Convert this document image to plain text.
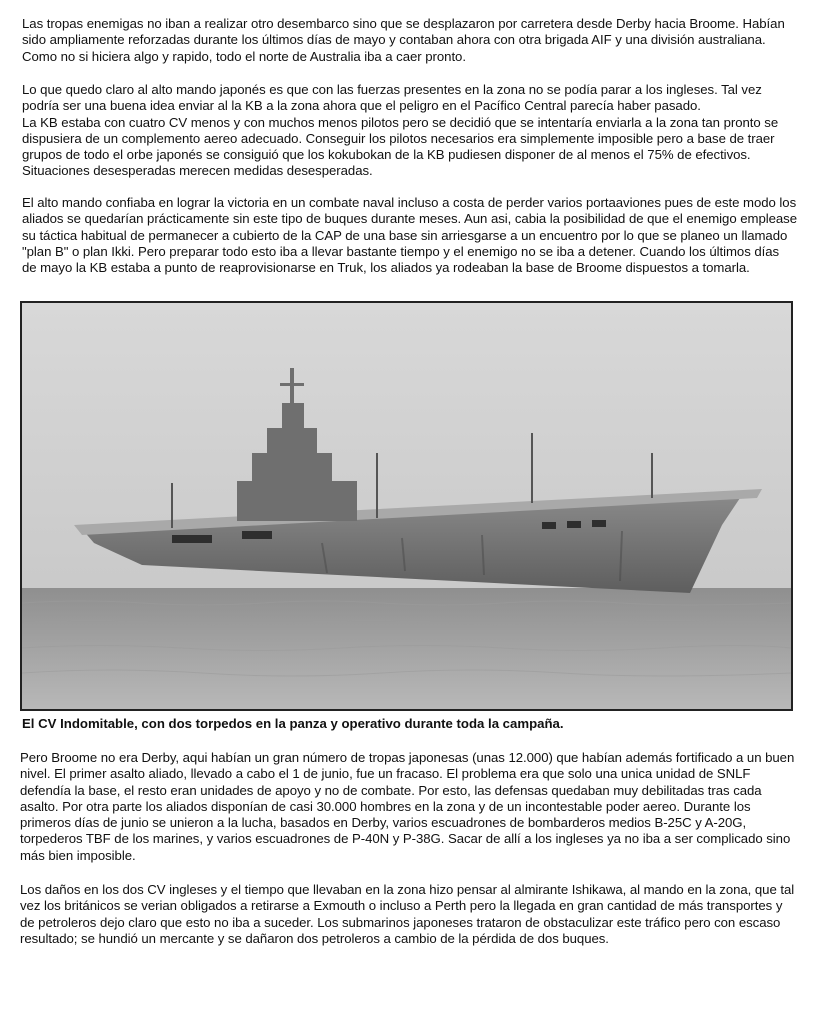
Las tropas enemigas no iban a realizar otro desembarco sino que se desplazaron por carretera desde Derby hacia Broome. Habían sido ampliamente reforzadas durante los últimos días de mayo y contaban ahora con otra brigada AIF y una división australiana. Como no si hiciera algo y rapido, todo el norte de Australia iba a caer pronto.

Lo que quedo claro al alto mando japonés es que con las fuerzas presentes en la zona no se podía parar a los ingleses. Tal vez podría ser una buena idea enviar al la KB a la zona ahora que el peligro en el Pacífico Central parecía haber pasado.
La KB estaba con cuatro CV menos y con muchos menos pilotos pero se decidió que se intentaría enviarla a la zona tan pronto se dispusiera de un complemento aereo adecuado. Conseguir los pilotos necesarios era simplemente imposible pero a base de traer grupos de todo el orbe japonés se consiguió que los kokubokan de la KB pudiesen disponer de al menos el 75% de efectivos. Situaciones desesperadas merecen medidas desesperadas.

El alto mando confiaba en lograr la victoria en un combate naval incluso a costa de perder varios portaaviones pues de este modo los aliados se quedarían prácticamente sin este tipo de buques durante meses. Aun asi, cabia la posibilidad de que el enemigo emplease su táctica habitual de permanecer a cubierto de la CAP de una base sin arriesgarse a un encuentro por lo que se planeo un llamado "plan B" o plan Ikki. Pero preparar todo esto iba a llevar bastante tiempo y el enemigo no se iba a detener. Cuando los últimos días de mayo la KB estaba a punto de reaprovisionarse en Truk, los aliados ya rodeaban la base de Broome dispuestos a tomarla.

El CV Indomitable, con dos torpedos en la panza y operativo durante toda la campaña.

Pero Broome no era Derby, aqui habían un gran número de tropas japonesas (unas 12.000) que habían además fortificado a un buen nivel. El primer asalto aliado, llevado a cabo el 1 de junio, fue un fracaso. El problema era que solo una unica unidad de SNLF defendía la base, el resto eran unidades de apoyo y no de combate. Por esto, las defensas quedaban muy debilitadas tras cada asalto. Por otra parte los aliados disponían de casi 30.000 hombres en la zona y de un incontestable poder aereo. Durante los primeros días de junio se unieron a la lucha, basados en Derby, varios escuadrones de bombarderos medios B-25C y A-20G, torpederos TBF de los marines, y varios escuadrones de P-40N y P-38G. Sacar de allí a los ingleses ya no iba a ser complicado sino más bien imposible.

Los daños en los dos CV ingleses y el tiempo que llevaban en la zona hizo pensar al almirante Ishikawa, al mando en la zona, que tal vez los británicos se verian obligados a retirarse a Exmouth o incluso a Perth pero la llegada en gran cantidad de más transportes y de petroleros dejo claro que esto no iba a suceder. Los submarinos japoneses trataron de obstaculizar este tráfico pero con escaso resultado; se hundió un mercante y se dañaron dos petroleros a cambio de la pérdida de dos buques.
